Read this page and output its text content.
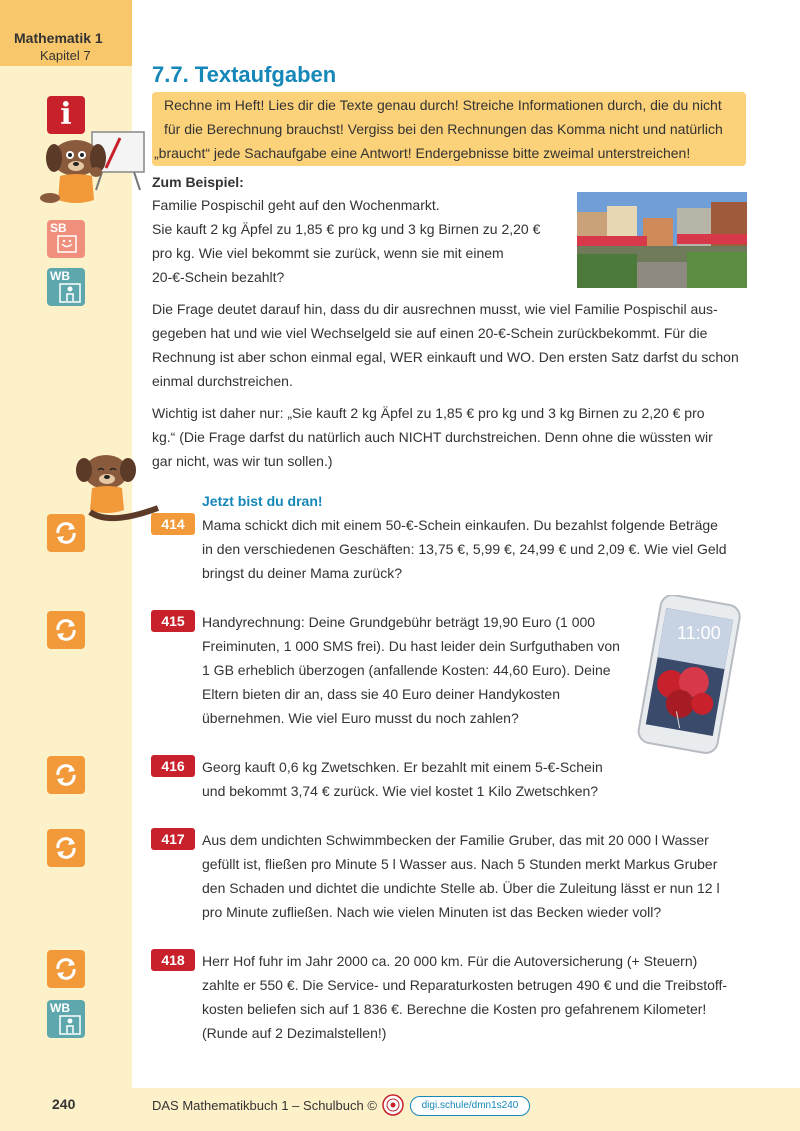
Mathematik 1
Kapitel 7
i
SB
WB
WB
7.7. Textaufgaben

Rechne im Heft! Lies dir die Texte genau durch! Streiche Informationen durch, die du nicht

für die Berechnung brauchst! Vergiss bei den Rechnungen das Komma nicht und natürlich

„braucht“ jede Sachaufgabe eine Antwort! Endergebnisse bitte zweimal unterstreichen!

Zum Beispiel:
Familie Pospischil geht auf den Wochenmarkt.
Sie kauft 2 kg Äpfel zu 1,85 € pro kg und 3 kg Birnen zu 2,20 €
pro kg. Wie viel bekommt sie zurück, wenn sie mit einem
20-€-Schein bezahlt?
Die Frage deutet darauf hin, dass du dir ausrechnen musst, wie viel Familie Pospischil aus-
gegeben hat und wie viel Wechselgeld sie auf einen 20-€-Schein zurückbekommt. Für die
Rechnung ist aber schon einmal egal, WER einkauft und WO. Den ersten Satz darfst du schon
einmal durchstreichen.
Wichtig ist daher nur: „Sie kauft 2 kg Äpfel zu 1,85 € pro kg und 3 kg Birnen zu 2,20 € pro
kg.“ (Die Frage darfst du natürlich auch NICHT durchstreichen. Denn ohne die wüssten wir
gar nicht, was wir tun sollen.)
Jetzt bist du dran!
414	Mama schickt dich mit einem 50-€-Schein einkaufen. Du bezahlst folgende Beträge
in den verschiedenen Geschäften: 13,75 €, 5,99 €, 24,99 € und 2,09 €. Wie viel Geld
bringst du deiner Mama zurück?
415	Handyrechnung: Deine Grundgebühr beträgt 19,90 Euro (1 000
Freiminuten, 1 000 SMS frei). Du hast leider dein Surfguthaben von
1 GB erheblich überzogen (anfallende Kosten: 44,60 Euro). Deine
Eltern bieten dir an, dass sie 40 Euro deiner Handykosten
übernehmen. Wie viel Euro musst du noch zahlen?
11:00
416	Georg kauft 0,6 kg Zwetschken. Er bezahlt mit einem 5-€-Schein
und bekommt 3,74 € zurück. Wie viel kostet 1 Kilo Zwetschken?
417	Aus dem undichten Schwimmbecken der Familie Gruber, das mit 20 000 l Wasser
gefüllt ist, fließen pro Minute 5 l Wasser aus. Nach 5 Stunden merkt Markus Gruber
den Schaden und dichtet die undichte Stelle ab. Über die Zuleitung lässt er nun 12 l
pro Minute zufließen. Nach wie vielen Minuten ist das Becken wieder voll?
418	Herr Hof fuhr im Jahr 2000 ca. 20 000 km. Für die Autoversicherung (+ Steuern)
zahlte er 550 €. Die Service- und Reparaturkosten betrugen 490 € und die Treibstoff-
kosten beliefen sich auf 1 836 €. Berechne die Kosten pro gefahrenem Kilometer!
(Runde auf 2 Dezimalstellen!)
240	DAS Mathematikbuch 1 – Schulbuch ©	digi.schule/dmn1s240
